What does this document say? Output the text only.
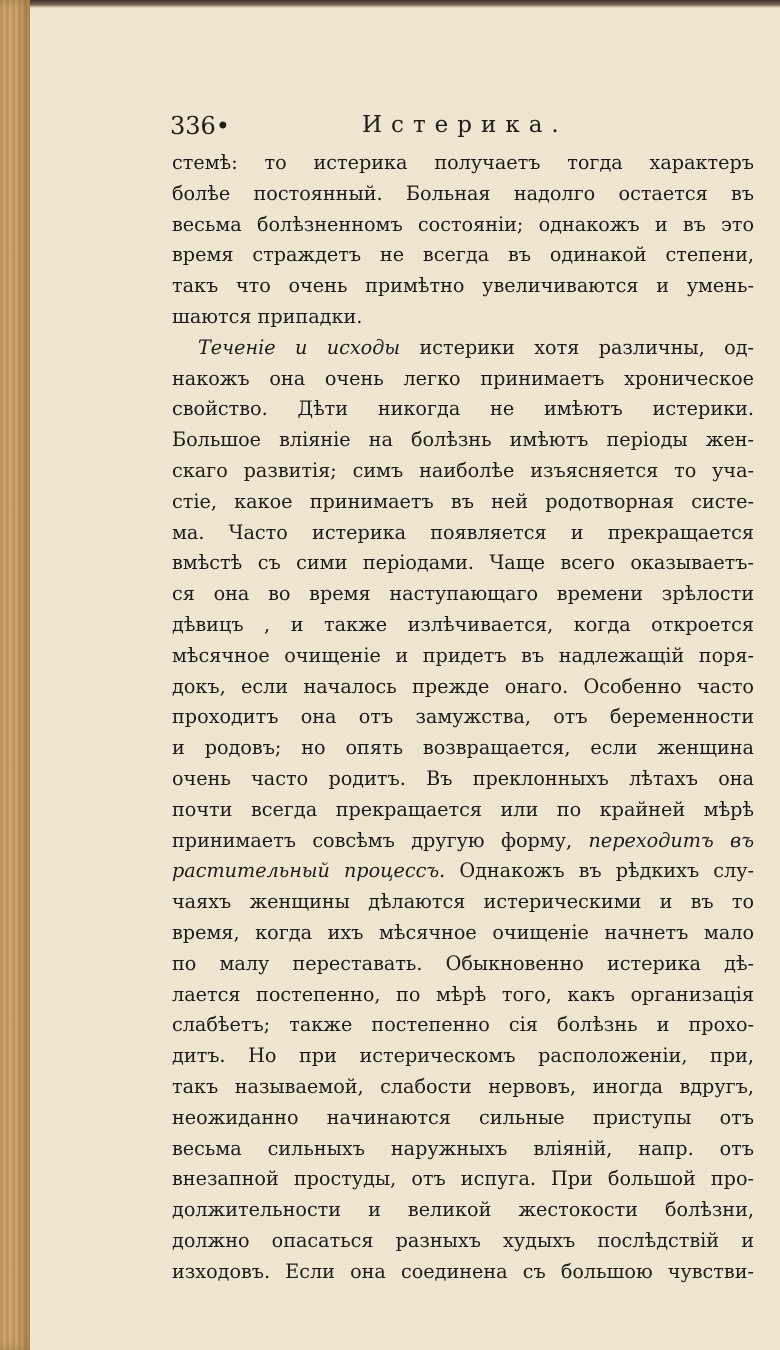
336•	Истерика.
стемѣ: то истерика получаетъ тогда характеръ
болѣе постоянный. Больная надолго остается въ
весьма болѣзненномъ состояніи; однакожъ и въ это
время страждетъ не всегда въ одинакой степени,
такъ что очень примѣтно увеличиваются и умень-
шаются припадки.
Теченіе и исходы истерики хотя различны, од-
накожъ она очень легко принимаетъ хроническое
свойство. Дѣти никогда не имѣютъ истерики.
Большое вліяніе на болѣзнь имѣютъ періоды жен-
скаго развитія; симъ наиболѣе изъясняется то уча-
стіе, какое принимаетъ въ ней родотворная систе-
ма. Часто истерика появляется и прекращается
вмѣстѣ съ сими періодами. Чаще всего оказываетъ-
ся она во время наступающаго времени зрѣлости
дѣвицъ , и также излѣчивается, когда откроется
мѣсячное очищеніе и придетъ въ надлежащій поря-
докъ, если началось прежде онаго. Особенно часто
проходитъ она отъ замужства, отъ беременности
и родовъ; но опять возвращается, если женщина
очень часто родитъ. Въ преклонныхъ лѣтахъ она
почти всегда прекращается или по крайней мѣрѣ
принимаетъ совсѣмъ другую форму, переходитъ въ
растительный процессъ. Однакожъ въ рѣдкихъ слу-
чаяхъ женщины дѣлаются истерическими и въ то
время, когда ихъ мѣсячное очищеніе начнетъ мало
по малу переставать. Обыкновенно истерика дѣ-
лается постепенно, по мѣрѣ того, какъ организація
слабѣетъ; также постепенно сія болѣзнь и прохо-
дитъ. Но при истерическомъ расположеніи, при,
такъ называемой, слабости нервовъ, иногда вдругъ,
неожиданно начинаются сильные приступы отъ
весьма сильныхъ наружныхъ вліяній, напр. отъ
внезапной простуды, отъ испуга. При большой про-
должительности и великой жестокости болѣзни,
должно опасаться разныхъ худыхъ послѣдствій и
изходовъ. Если она соединена съ большою чувстви-
